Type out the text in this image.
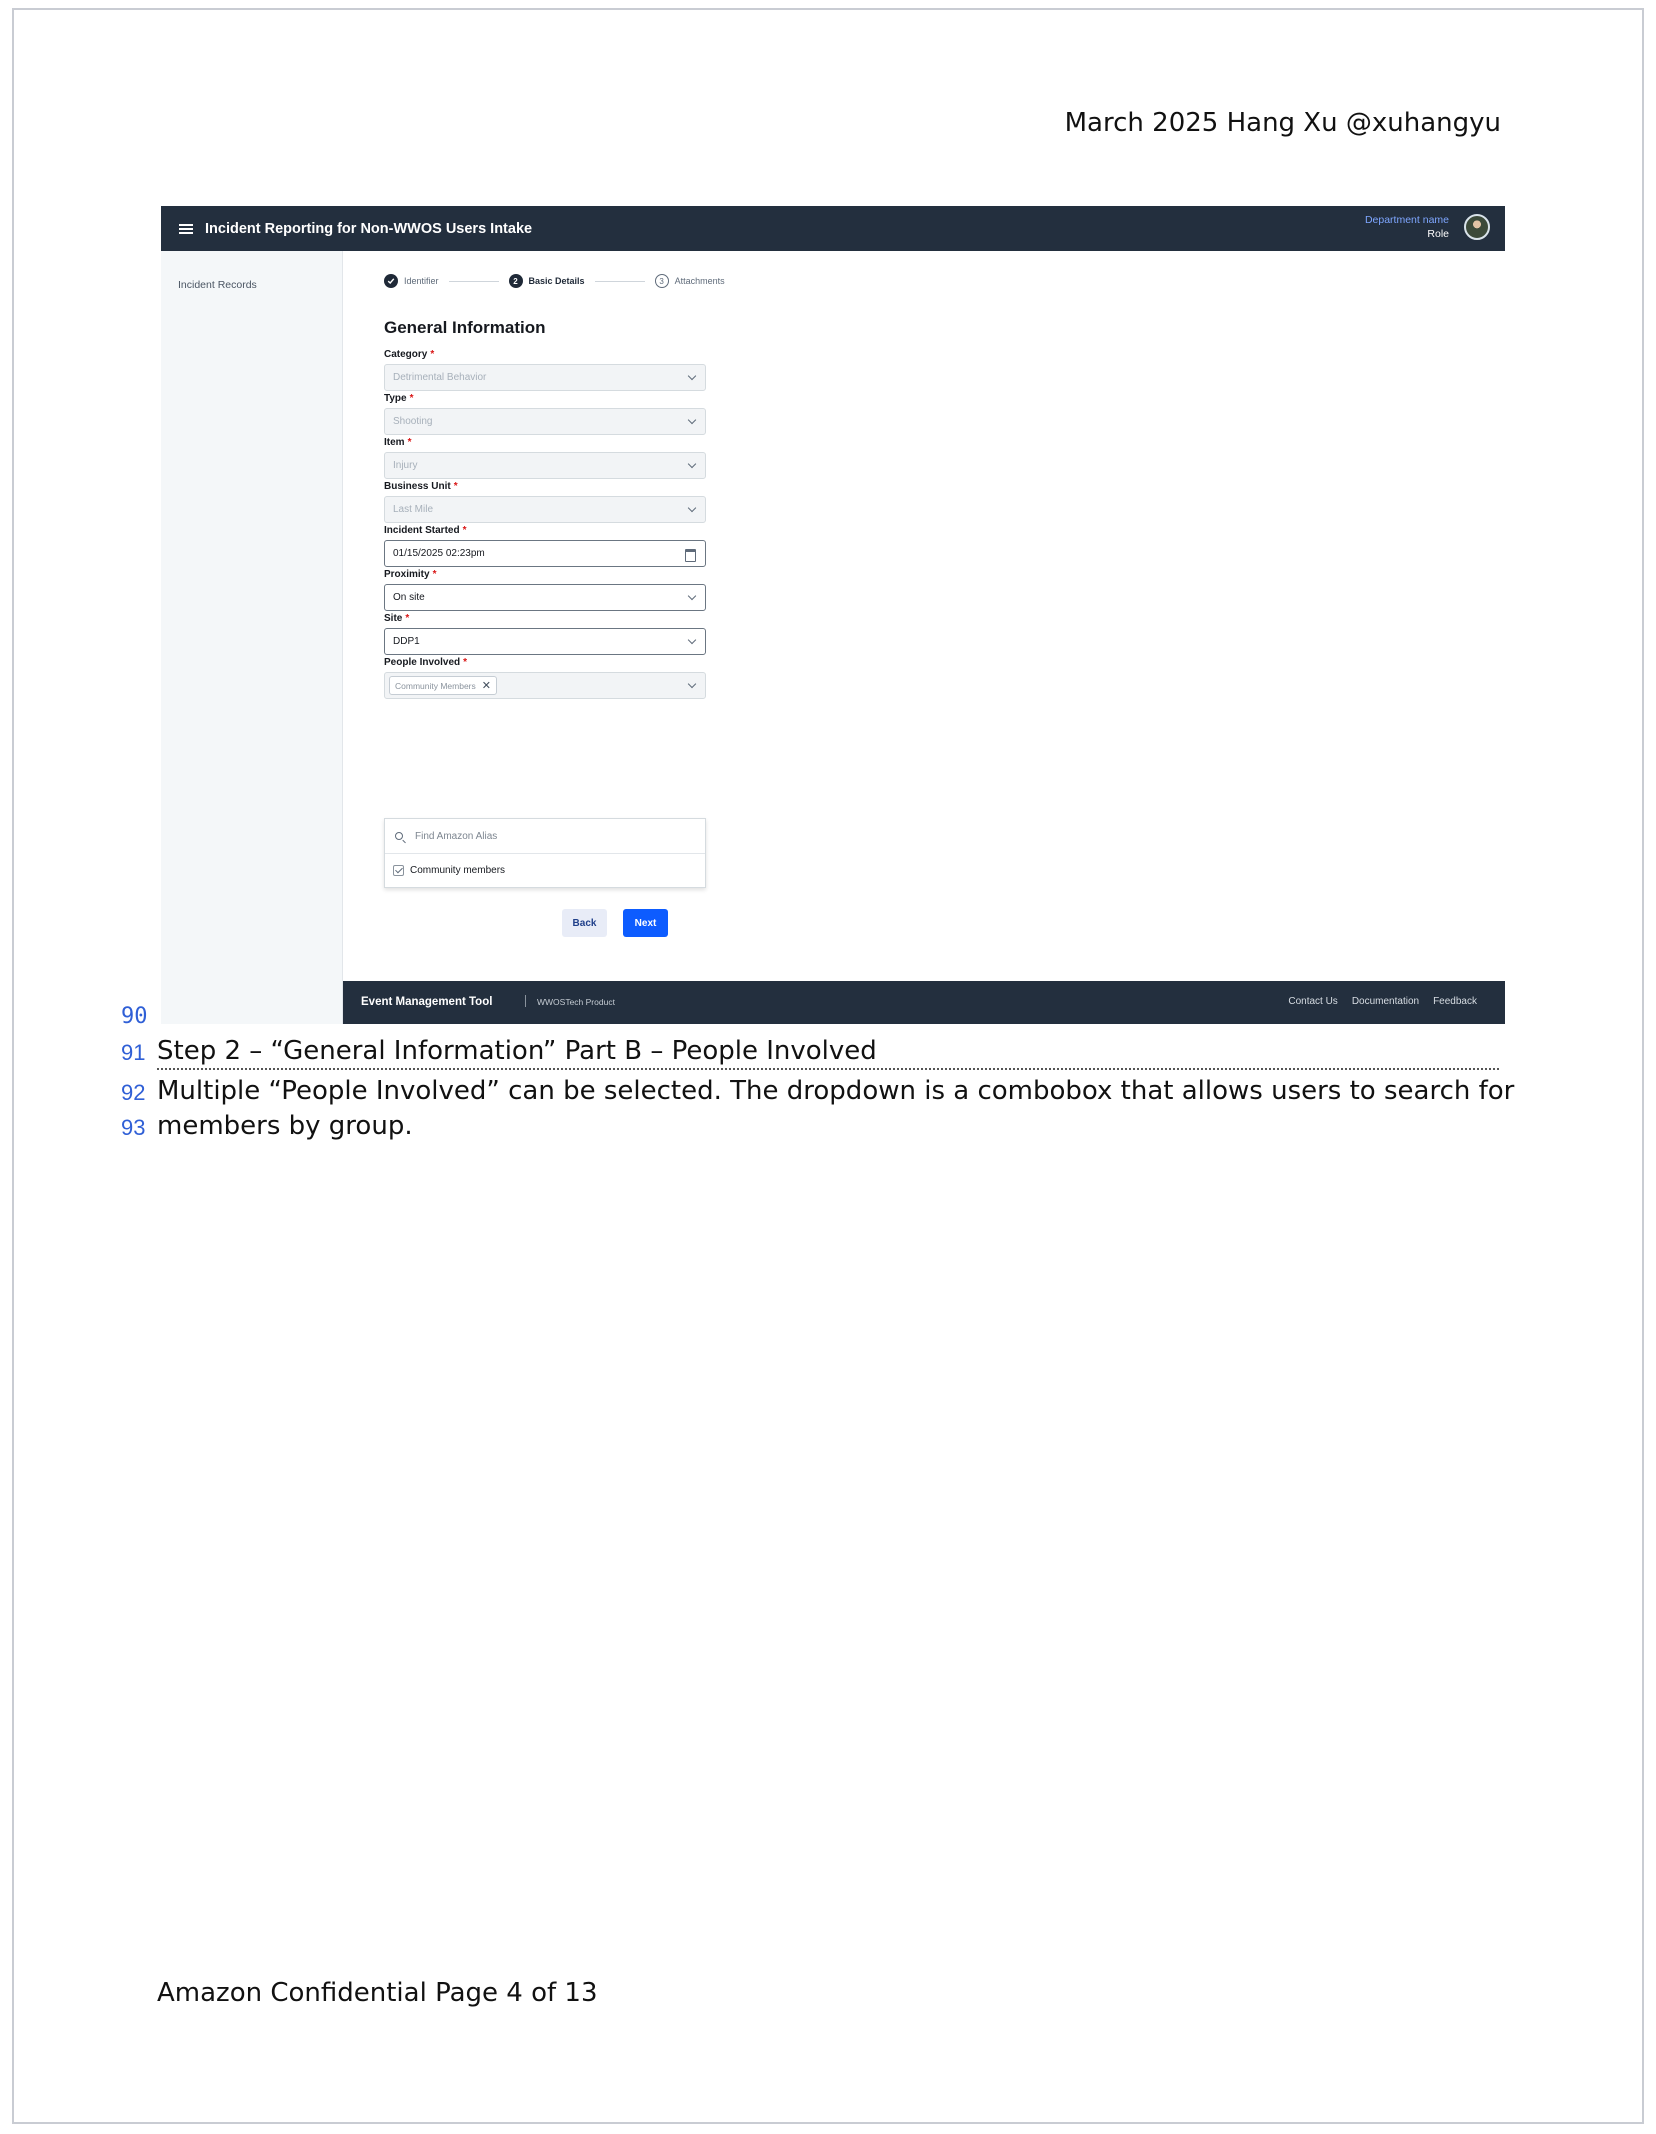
March 2025 Hang Xu @xuhangyu
Incident Reporting for Non-WWOS Users Intake
Department name
Role
Incident Records	Identifier	2	Basic Details	3	Attachments
General Information
Category *
Detrimental Behavior
Type *
Shooting
Item *
Injury
Business Unit *
Last Mile
Incident Started *
01/15/2025 02:23pm
Proximity *
On site
Site *
DDP1
People Involved *
Community Members ✕
Find Amazon Alias
Community members
Back	Next
Event Management Tool	WWOSTech Product	Contact Us Documentation Feedback
90
91 Step 2 – “General Information” Part B – People Involved
92 Multiple “People Involved” can be selected. The dropdown is a combobox that allows users to search for
93 members by group.
Amazon Confidential Page 4 of 13
